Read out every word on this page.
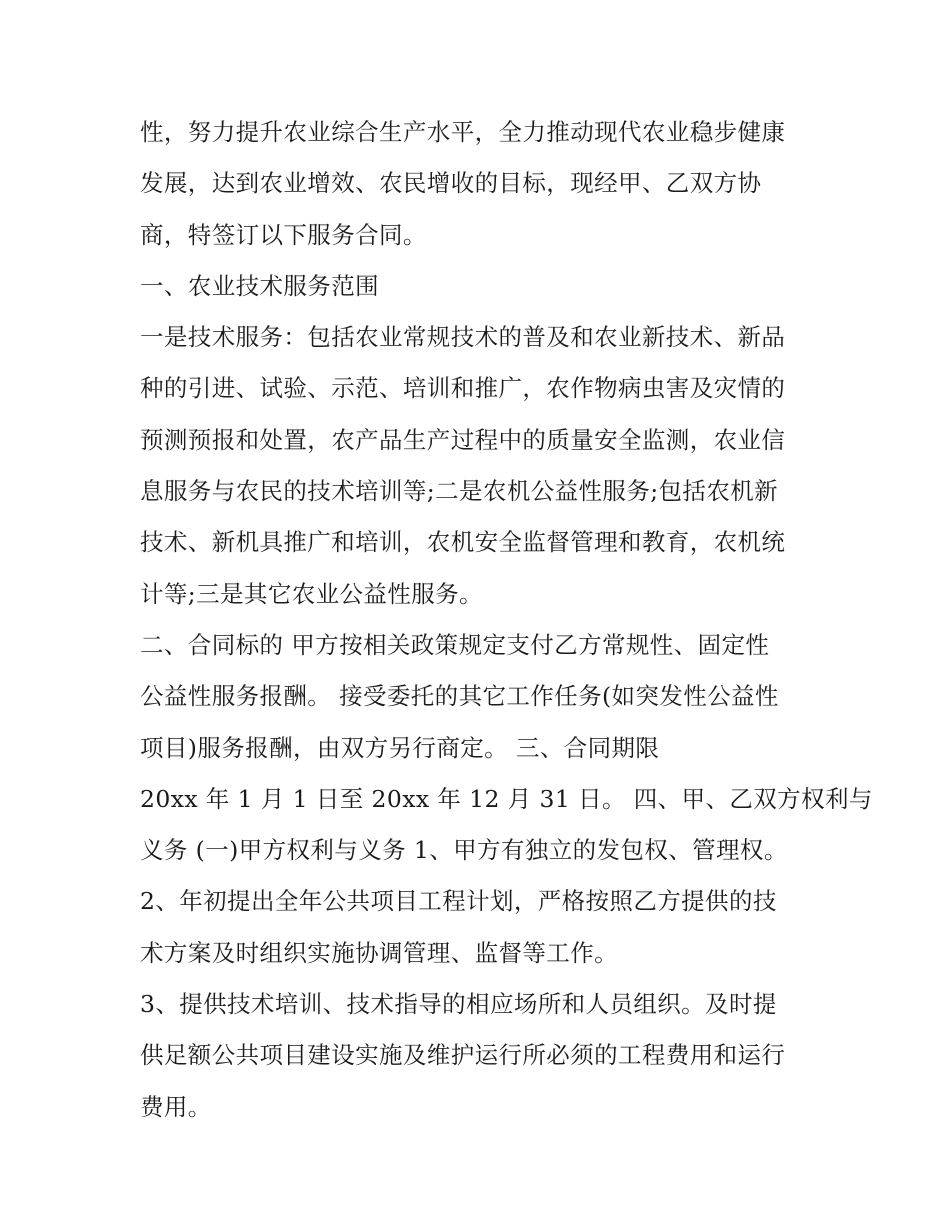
性，努力提升农业综合生产水平，全力推动现代农业稳步健康
发展，达到农业增效、农民增收的目标，现经甲、乙双方协
商，特签订以下服务合同。
一、农业技术服务范围
一是技术服务：包括农业常规技术的普及和农业新技术、新品
种的引进、试验、示范、培训和推广，农作物病虫害及灾情的
预测预报和处置，农产品生产过程中的质量安全监测，农业信
息服务与农民的技术培训等;二是农机公益性服务;包括农机新
技术、新机具推广和培训，农机安全监督管理和教育，农机统
计等;三是其它农业公益性服务。
二、合同标的 甲方按相关政策规定支付乙方常规性、固定性
公益性服务报酬。 接受委托的其它工作任务(如突发性公益性
项目)服务报酬，由双方另行商定。 三、合同期限
20xx 年 1 月 1 日至 20xx 年 12 月 31 日。 四、甲、乙双方权利与
义务 (一)甲方权利与义务 1、甲方有独立的发包权、管理权。
2、年初提出全年公共项目工程计划，严格按照乙方提供的技
术方案及时组织实施协调管理、监督等工作。
3、提供技术培训、技术指导的相应场所和人员组织。及时提
供足额公共项目建设实施及维护运行所必须的工程费用和运行
费用。
